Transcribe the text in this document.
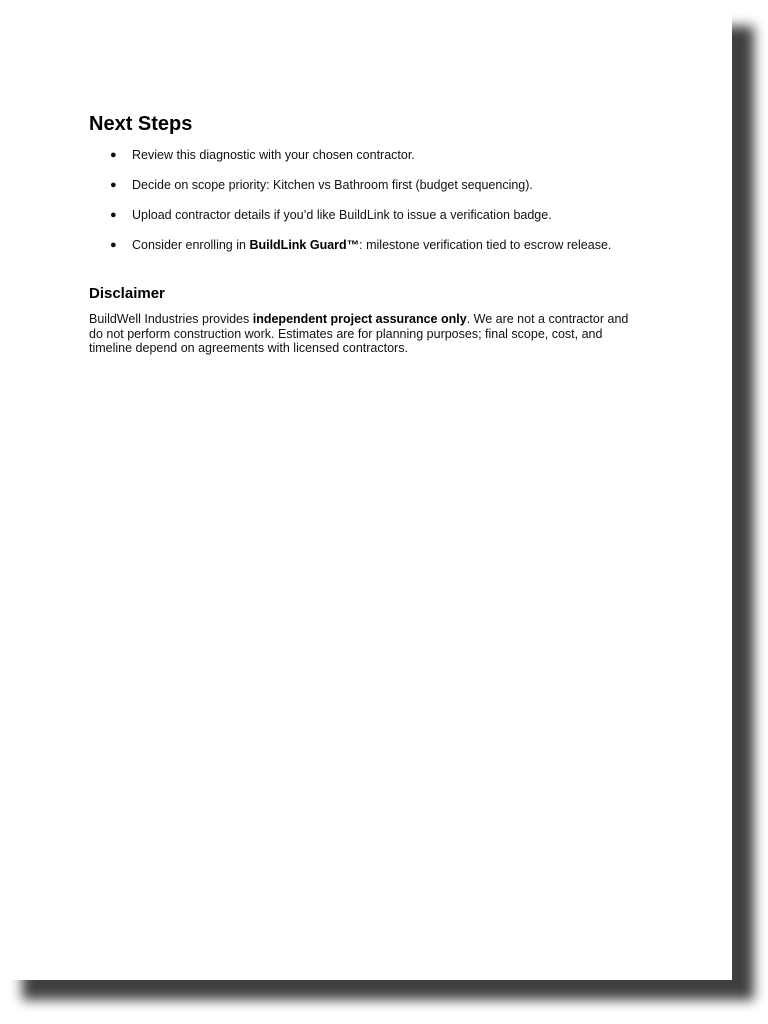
Next Steps
● Review this diagnostic with your chosen contractor.
● Decide on scope priority: Kitchen vs Bathroom first (budget sequencing).
● Upload contractor details if you’d like BuildLink to issue a verification badge.
● Consider enrolling in BuildLink Guard™: milestone verification tied to escrow release.
Disclaimer

BuildWell Industries provides independent project assurance only. We are not a contractor and do not perform construction work. Estimates are for planning purposes; final scope, cost, and timeline depend on agreements with licensed contractors.
